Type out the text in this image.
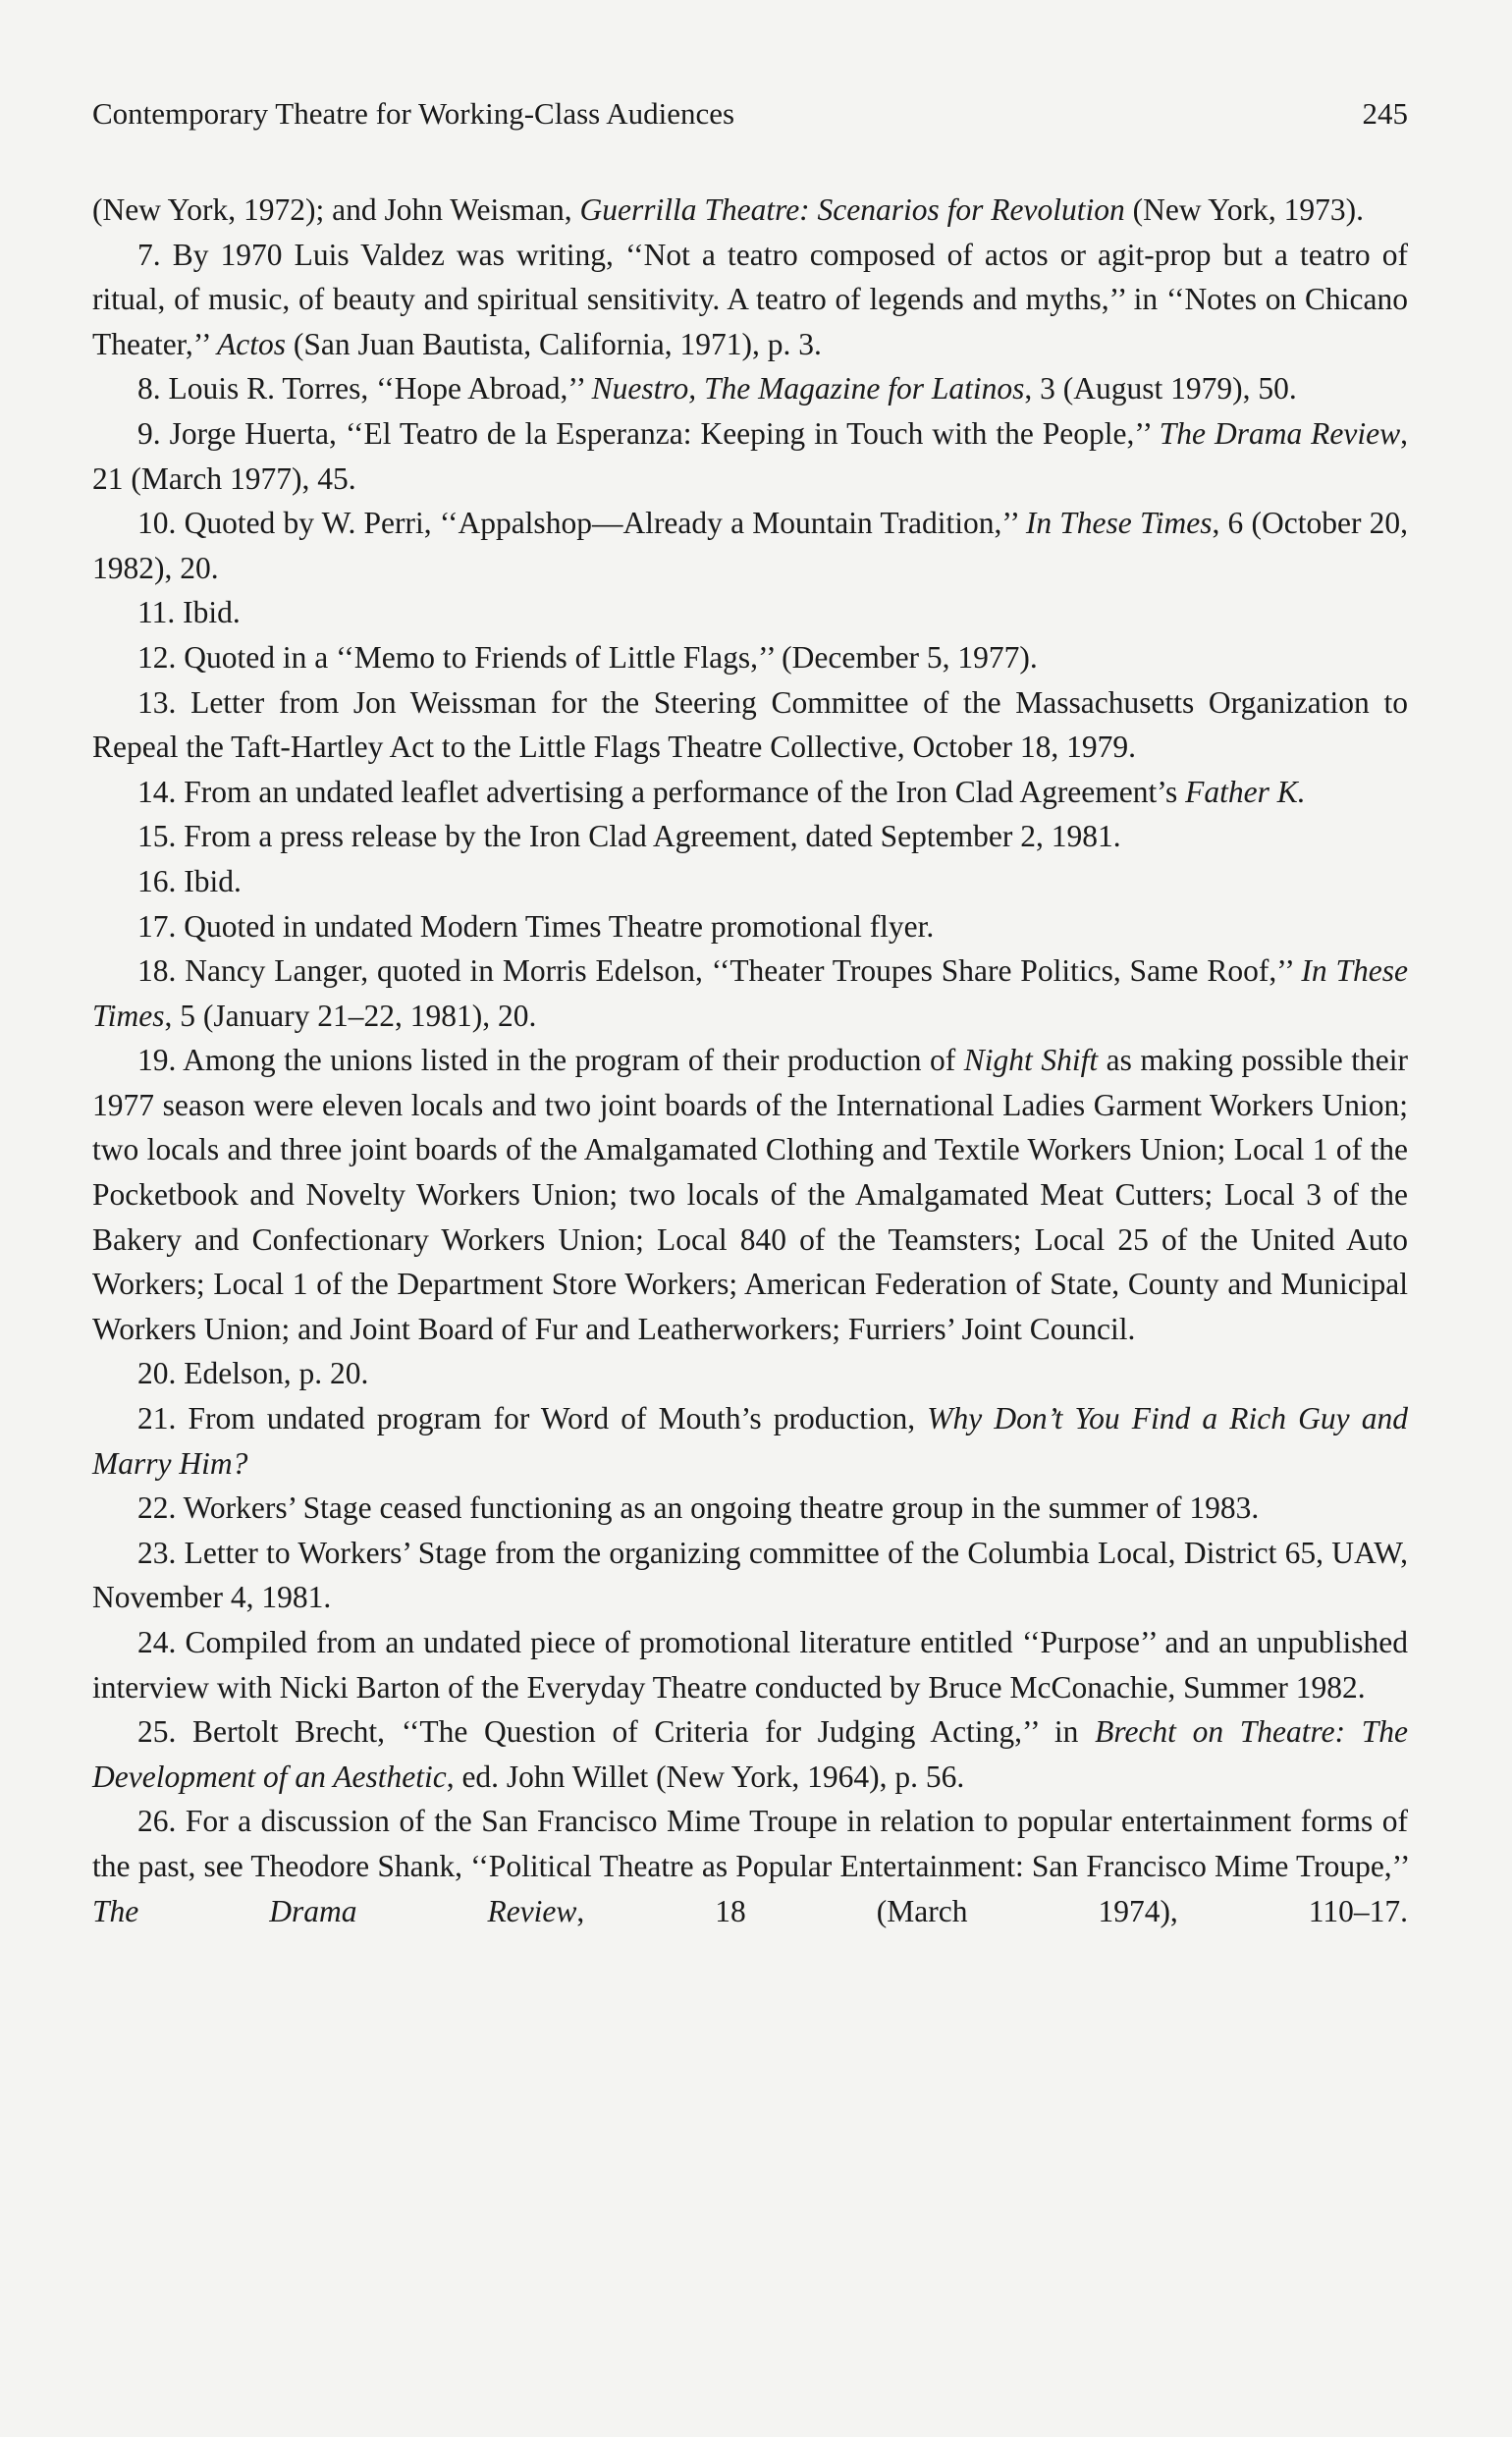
Contemporary Theatre for Working-Class Audiences	245

(New York, 1972); and John Weisman, Guerrilla Theatre: Scenarios for Revolution (New York, 1973).

7. By 1970 Luis Valdez was writing, ‘‘Not a teatro composed of actos or agit-prop but a teatro of ritual, of music, of beauty and spiritual sensitivity. A teatro of legends and myths,’’ in ‘‘Notes on Chicano Theater,’’ Actos (San Juan Bautista, California, 1971), p. 3.

8. Louis R. Torres, ‘‘Hope Abroad,’’ Nuestro, The Magazine for Latinos, 3 (August 1979), 50.

9. Jorge Huerta, ‘‘El Teatro de la Esperanza: Keeping in Touch with the People,’’ The Drama Review, 21 (March 1977), 45.

10. Quoted by W. Perri, ‘‘Appalshop—Already a Mountain Tradition,’’ In These Times, 6 (October 20, 1982), 20.

11. Ibid.

12. Quoted in a ‘‘Memo to Friends of Little Flags,’’ (December 5, 1977).

13. Letter from Jon Weissman for the Steering Committee of the Massachusetts Organization to Repeal the Taft-Hartley Act to the Little Flags Theatre Collective, October 18, 1979.

14. From an undated leaflet advertising a performance of the Iron Clad Agreement’s Father K.

15. From a press release by the Iron Clad Agreement, dated September 2, 1981.

16. Ibid.

17. Quoted in undated Modern Times Theatre promotional flyer.

18. Nancy Langer, quoted in Morris Edelson, ‘‘Theater Troupes Share Politics, Same Roof,’’ In These Times, 5 (January 21–22, 1981), 20.

19. Among the unions listed in the program of their production of Night Shift as making possible their 1977 season were eleven locals and two joint boards of the International Ladies Garment Workers Union; two locals and three joint boards of the Amalgamated Clothing and Textile Workers Union; Local 1 of the Pocketbook and Novelty Workers Union; two locals of the Amalgamated Meat Cutters; Local 3 of the Bakery and Confectionary Workers Union; Local 840 of the Teamsters; Local 25 of the United Auto Workers; Local 1 of the Department Store Workers; American Federation of State, County and Municipal Workers Union; and Joint Board of Fur and Leatherworkers; Furriers’ Joint Council.

20. Edelson, p. 20.

21. From undated program for Word of Mouth’s production, Why Don’t You Find a Rich Guy and Marry Him?

22. Workers’ Stage ceased functioning as an ongoing theatre group in the summer of 1983.

23. Letter to Workers’ Stage from the organizing committee of the Columbia Local, District 65, UAW, November 4, 1981.

24. Compiled from an undated piece of promotional literature entitled ‘‘Purpose’’ and an unpublished interview with Nicki Barton of the Everyday Theatre conducted by Bruce McConachie, Summer 1982.

25. Bertolt Brecht, ‘‘The Question of Criteria for Judging Acting,’’ in Brecht on Theatre: The Development of an Aesthetic, ed. John Willet (New York, 1964), p. 56.

26. For a discussion of the San Francisco Mime Troupe in relation to popular entertainment forms of the past, see Theodore Shank, ‘‘Political Theatre as Popular Entertainment: San Francisco Mime Troupe,’’ The Drama Review, 18 (March 1974), 110–17.
